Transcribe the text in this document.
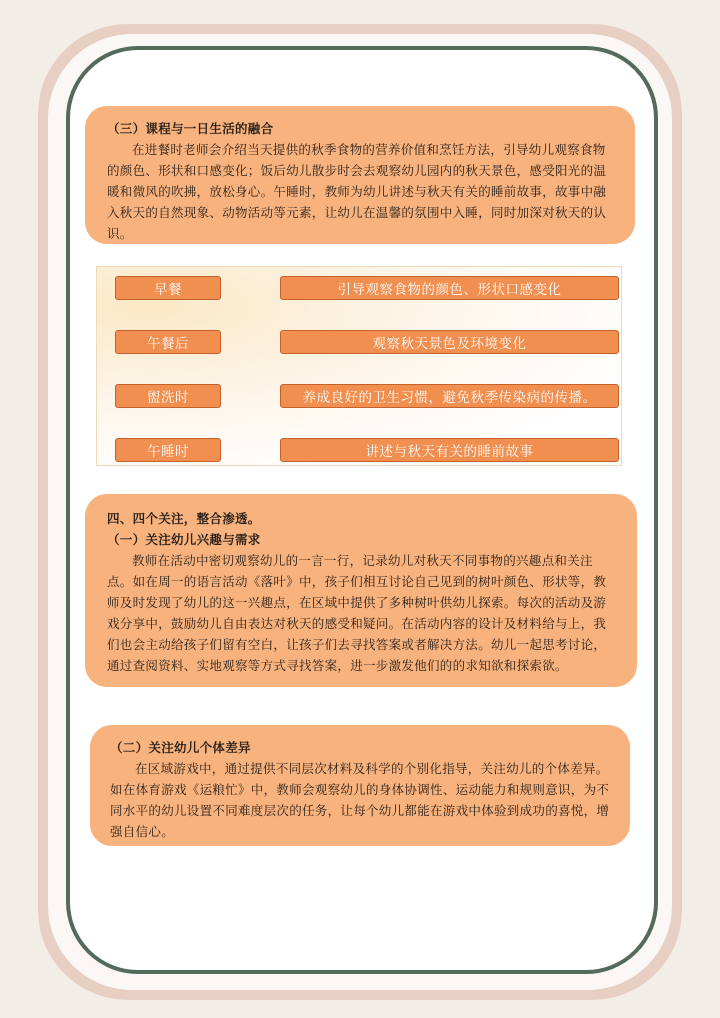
（三）课程与一日生活的融合

在进餐时老师会介绍当天提供的秋季食物的营养价值和烹饪方法，引导幼儿观察食物的颜色、形状和口感变化；饭后幼儿散步时会去观察幼儿园内的秋天景色，感受阳光的温暖和微风的吹拂，放松身心。午睡时，教师为幼儿讲述与秋天有关的睡前故事，故事中融入秋天的自然现象、动物活动等元素，让幼儿在温馨的氛围中入睡，同时加深对秋天的认识。

早餐	引导观察食物的颜色、形状口感变化
午餐后	观察秋天景色及环境变化
盥洗时	养成良好的卫生习惯，避免秋季传染病的传播。
午睡时	讲述与秋天有关的睡前故事
四、四个关注，整合渗透。
（一）关注幼儿兴趣与需求

教师在活动中密切观察幼儿的一言一行，记录幼儿对秋天不同事物的兴趣点和关注点。如在周一的语言活动《落叶》中，孩子们相互讨论自己见到的树叶颜色、形状等，教师及时发现了幼儿的这一兴趣点，在区域中提供了多种树叶供幼儿探索。每次的活动及游戏分享中，鼓励幼儿自由表达对秋天的感受和疑问。在活动内容的设计及材料给与上，我们也会主动给孩子们留有空白，让孩子们去寻找答案或者解决方法。幼儿一起思考讨论，通过查阅资料、实地观察等方式寻找答案，进一步激发他们的的求知欲和探索欲。

（二）关注幼儿个体差异

在区域游戏中，通过提供不同层次材料及科学的个别化指导，关注幼儿的个体差异。如在体育游戏《运粮忙》中，教师会观察幼儿的身体协调性、运动能力和规则意识，为不同水平的幼儿设置不同难度层次的任务，让每个幼儿都能在游戏中体验到成功的喜悦，增强自信心。
